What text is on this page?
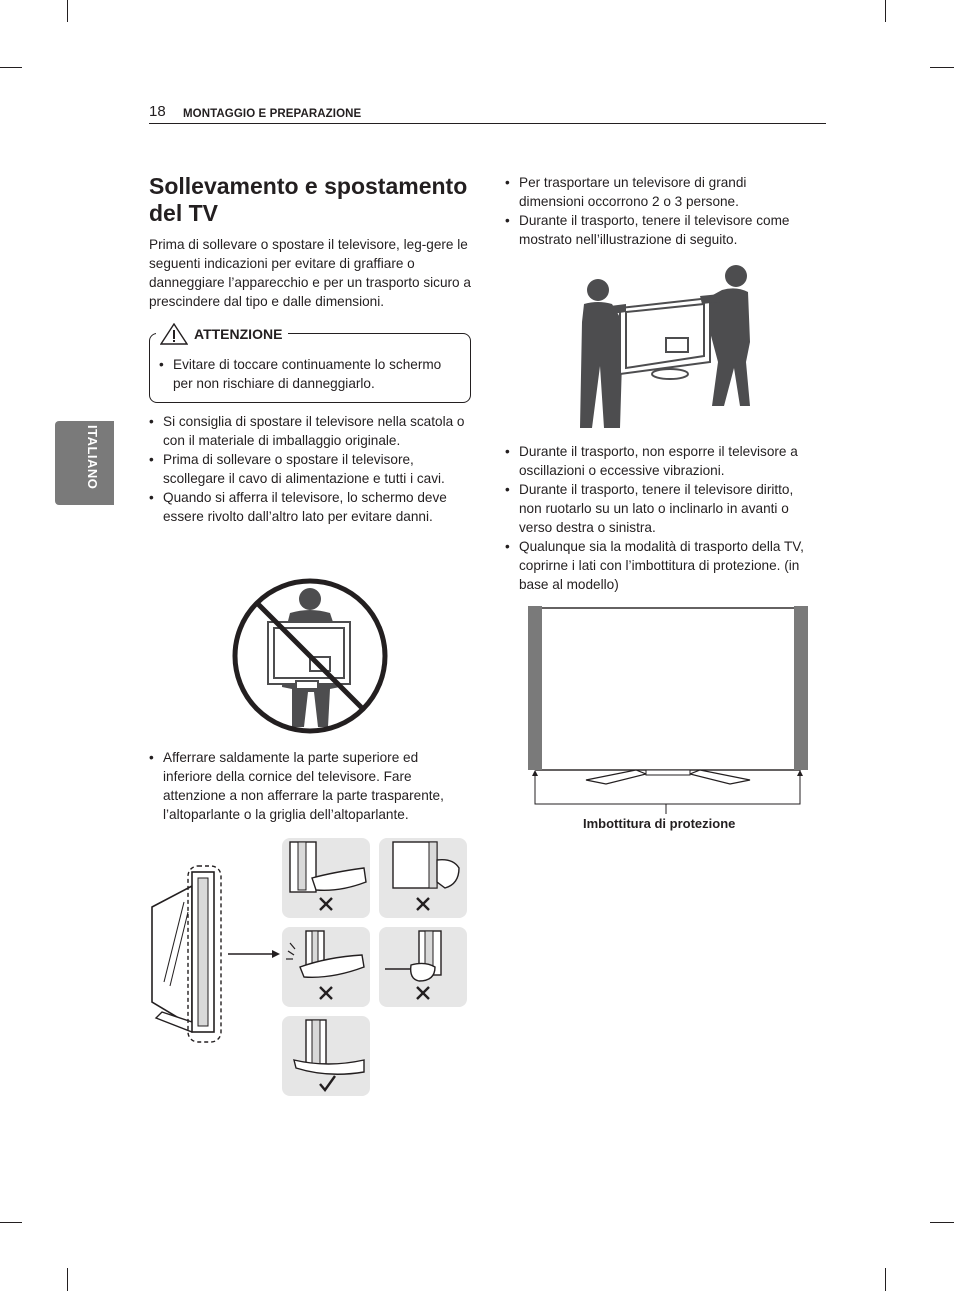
18 MONTAGGIO E PREPARAZIONE
ITALIANO
Sollevamento e spostamento del TV

Prima di sollevare o spostare il televisore, leg-gere le seguenti indicazioni per evitare di graffiare o danneggiare l’apparecchio e per un trasporto sicuro a prescindere dal tipo e dalle dimensioni.

ATTENZIONE
• Evitare di toccare continuamente lo schermo per non rischiare di danneggiarlo.
• Si consiglia di spostare il televisore nella scatola o con il materiale di imballaggio originale.
• Prima di sollevare o spostare il televisore, scollegare il cavo di alimentazione e tutti i cavi.
• Quando si afferra il televisore, lo schermo deve essere rivolto dall’altro lato per evitare danni.
• Afferrare saldamente la parte superiore ed inferiore della cornice del televisore. Fare attenzione a non afferrare la parte trasparente, l’altoparlante o la griglia dell’altoparlante.
• Per trasportare un televisore di grandi dimensioni occorrono 2 o 3 persone.
• Durante il trasporto, tenere il televisore come mostrato nell’illustrazione di seguito.
• Durante il trasporto, non esporre il televisore a oscillazioni o eccessive vibrazioni.
• Durante il trasporto, tenere il televisore diritto, non ruotarlo su un lato o inclinarlo in avanti o verso destra o sinistra.
• Qualunque sia la modalità di trasporto della TV, coprirne i lati con l’imbottitura di protezione. (in base al modello)
Imbottitura di protezione
